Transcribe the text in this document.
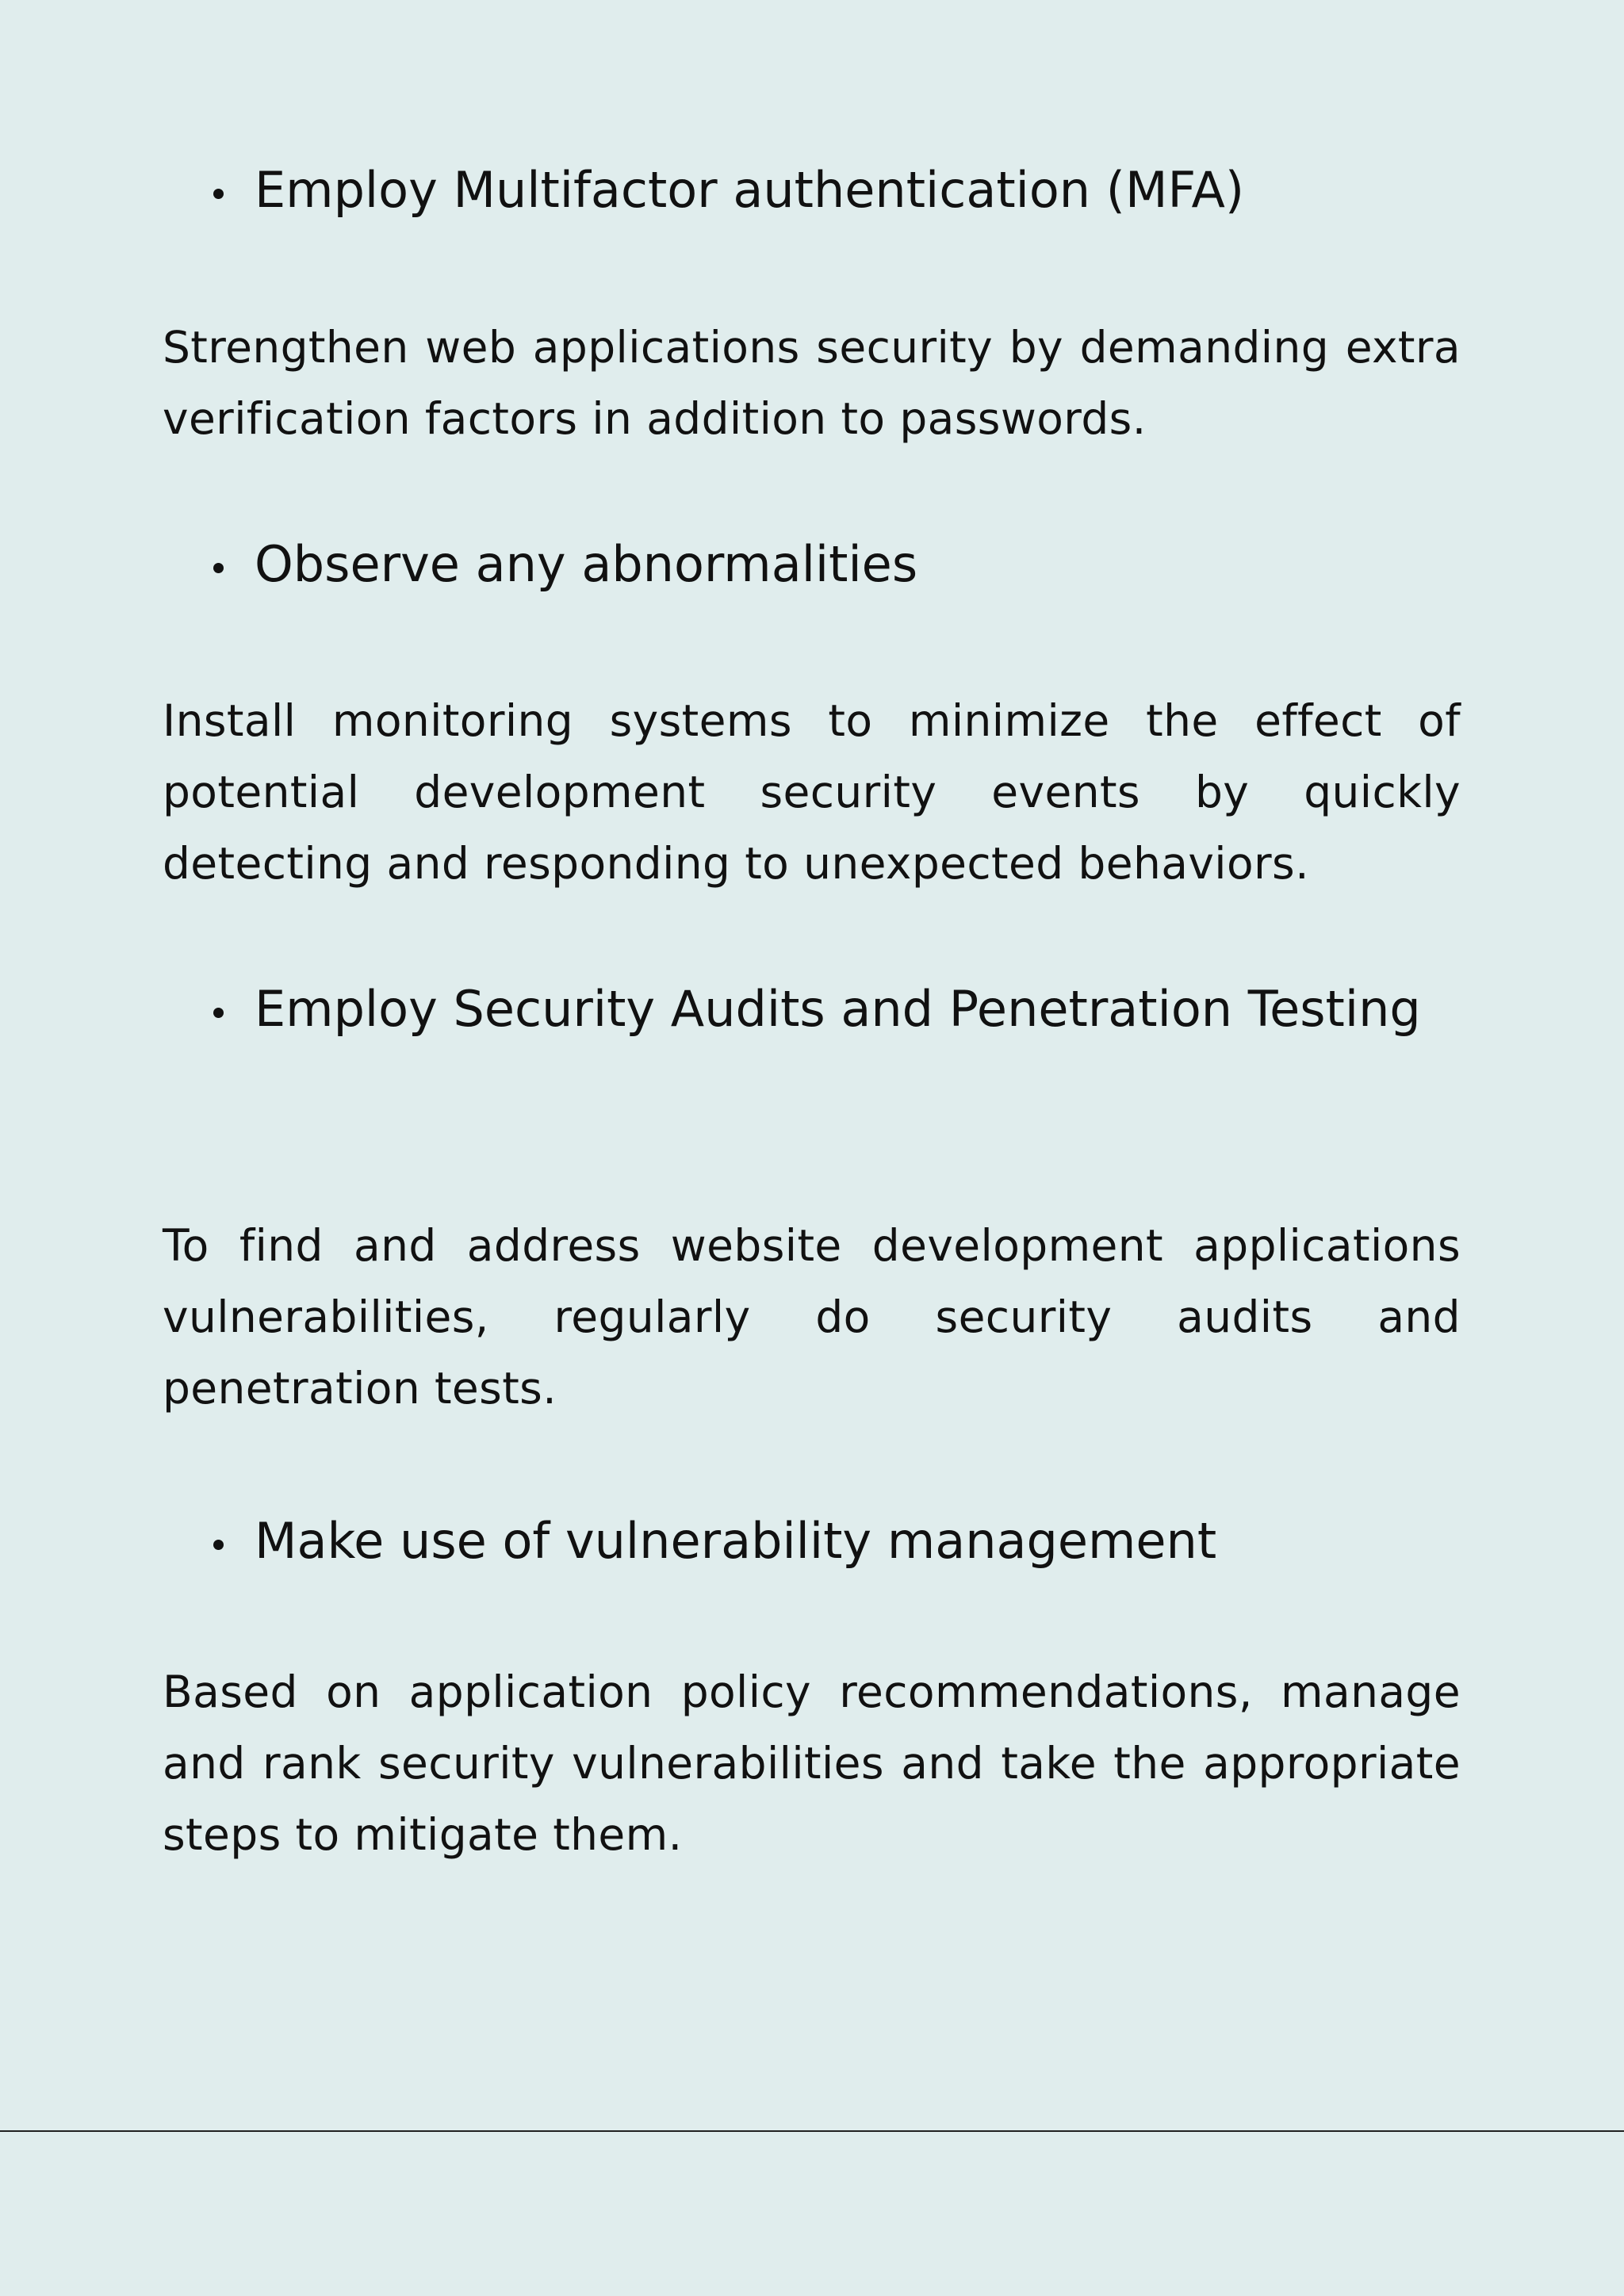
Employ Multifactor authentication (MFA)
Strengthen web applications security by demanding extra verification factors in addition to passwords.
Observe any abnormalities
Install monitoring systems to minimize the effect of potential development security events by quickly detecting and responding to unexpected behaviors.
Employ Security Audits and Penetration Testing
To find and address website development applications vulnerabilities, regularly do security audits and penetration tests.
Make use of vulnerability management
Based on application policy recommendations, manage and rank security vulnerabilities and take the appropriate steps to mitigate them.
